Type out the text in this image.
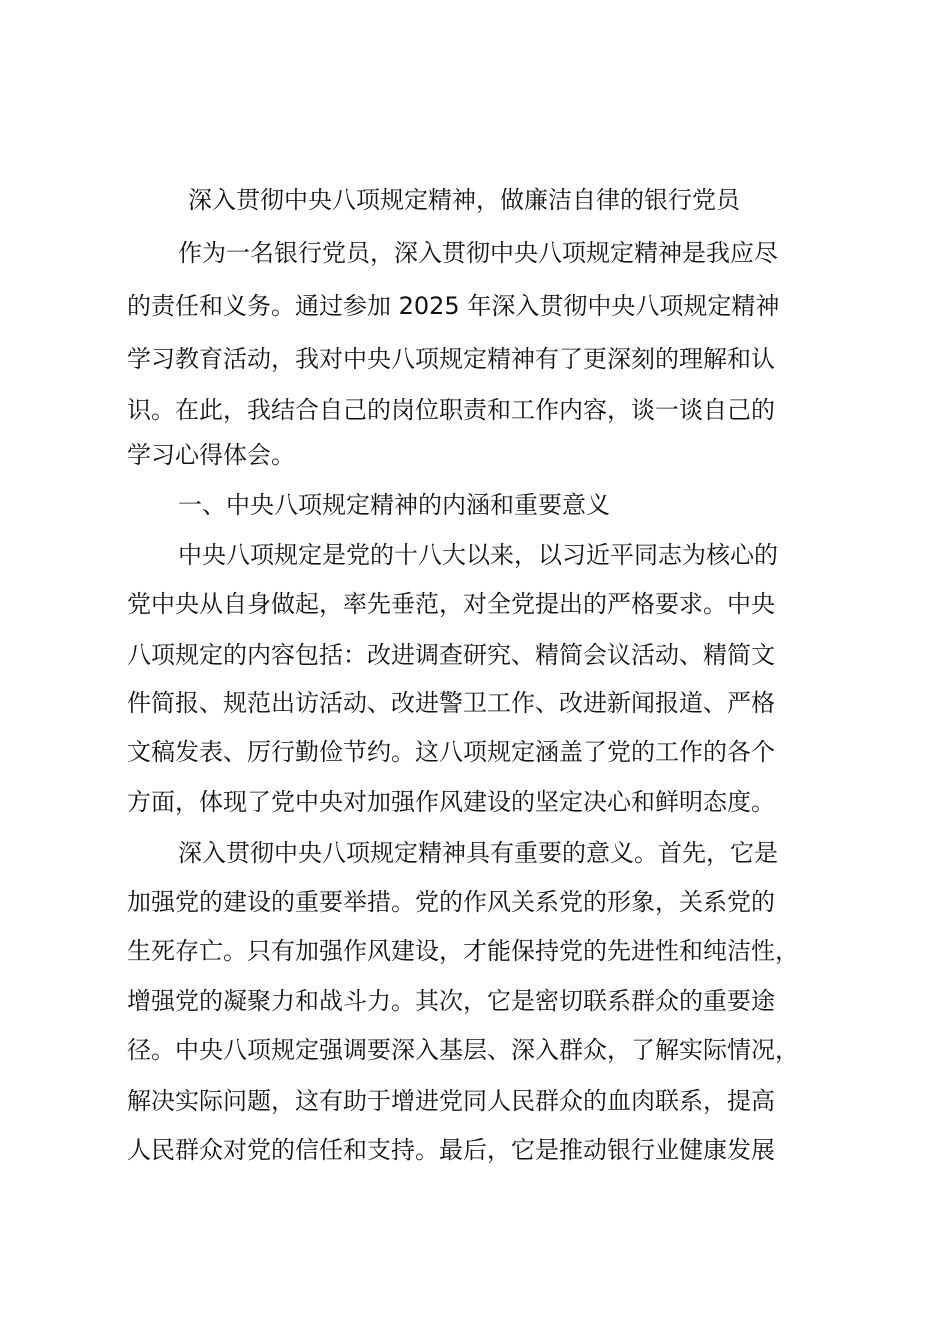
深入贯彻中央八项规定精神，做廉洁自律的银行党员
作为一名银行党员，深入贯彻中央八项规定精神是我应尽
的责任和义务。通过参加 2025 年深入贯彻中央八项规定精神
学习教育活动，我对中央八项规定精神有了更深刻的理解和认
识。在此，我结合自己的岗位职责和工作内容，谈一谈自己的
学习心得体会。
一、中央八项规定精神的内涵和重要意义
中央八项规定是党的十八大以来，以习近平同志为核心的
党中央从自身做起，率先垂范，对全党提出的严格要求。中央
八项规定的内容包括：改进调查研究、精简会议活动、精简文
件简报、规范出访活动、改进警卫工作、改进新闻报道、严格
文稿发表、厉行勤俭节约。这八项规定涵盖了党的工作的各个
方面，体现了党中央对加强作风建设的坚定决心和鲜明态度。
深入贯彻中央八项规定精神具有重要的意义。首先，它是
加强党的建设的重要举措。党的作风关系党的形象，关系党的
生死存亡。只有加强作风建设，才能保持党的先进性和纯洁性，
增强党的凝聚力和战斗力。其次，它是密切联系群众的重要途
径。中央八项规定强调要深入基层、深入群众，了解实际情况，
解决实际问题，这有助于增进党同人民群众的血肉联系，提高
人民群众对党的信任和支持。最后，它是推动银行业健康发展
